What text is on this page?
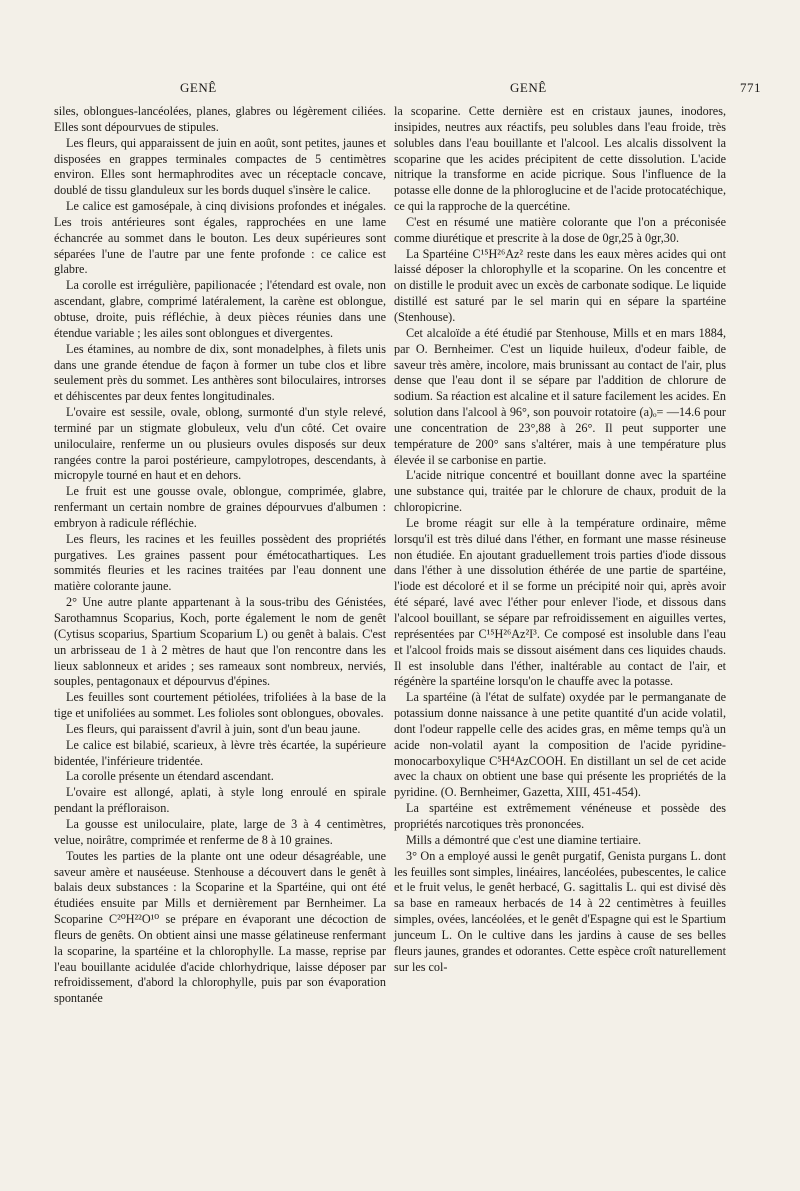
GENÊ	GENÊ	771

siles, oblongues-lancéolées, planes, glabres ou légèrement ciliées. Elles sont dépourvues de stipules.

Les fleurs, qui apparaissent de juin en août, sont petites, jaunes et disposées en grappes terminales compactes de 5 centimètres environ. Elles sont hermaphrodites avec un réceptacle concave, doublé de tissu glanduleux sur les bords duquel s'insère le calice.

Le calice est gamosépale, à cinq divisions profondes et inégales. Les trois antérieures sont égales, rapprochées en une lame échancrée au sommet dans le bouton. Les deux supérieures sont séparées l'une de l'autre par une fente profonde : ce calice est glabre.

La corolle est irrégulière, papilionacée ; l'étendard est ovale, non ascendant, glabre, comprimé latéralement, la carène est oblongue, obtuse, droite, puis réfléchie, à deux pièces réunies dans une étendue variable ; les ailes sont oblongues et divergentes.

Les étamines, au nombre de dix, sont monadelphes, à filets unis dans une grande étendue de façon à former un tube clos et libre seulement près du sommet. Les anthères sont biloculaires, introrses et déhiscentes par deux fentes longitudinales.

L'ovaire est sessile, ovale, oblong, surmonté d'un style relevé, terminé par un stigmate globuleux, velu d'un côté. Cet ovaire uniloculaire, renferme un ou plusieurs ovules disposés sur deux rangées contre la paroi postérieure, campylotropes, descendants, à micropyle tourné en haut et en dehors.

Le fruit est une gousse ovale, oblongue, comprimée, glabre, renfermant un certain nombre de graines dépourvues d'albumen : embryon à radicule réfléchie.

Les fleurs, les racines et les feuilles possèdent des propriétés purgatives. Les graines passent pour émétocathartiques. Les sommités fleuries et les racines traitées par l'eau donnent une matière colorante jaune.

2° Une autre plante appartenant à la sous-tribu des Génistées, Sarothamnus Scoparius, Koch, porte également le nom de genêt (Cytisus scoparius, Spartium Scoparium L) ou genêt à balais. C'est un arbrisseau de 1 à 2 mètres de haut que l'on rencontre dans les lieux sablonneux et arides ; ses rameaux sont nombreux, nerviés, souples, pentagonaux et dépourvus d'épines.

Les feuilles sont courtement pétiolées, trifoliées à la base de la tige et unifoliées au sommet. Les folioles sont oblongues, obovales.

Les fleurs, qui paraissent d'avril à juin, sont d'un beau jaune.

Le calice est bilabié, scarieux, à lèvre très écartée, la supérieure bidentée, l'inférieure tridentée.

La corolle présente un étendard ascendant.

L'ovaire est allongé, aplati, à style long enroulé en spirale pendant la préfloraison.

La gousse est uniloculaire, plate, large de 3 à 4 centimètres, velue, noirâtre, comprimée et renferme de 8 à 10 graines.

Toutes les parties de la plante ont une odeur désagréable, une saveur amère et nauséeuse. Stenhouse a découvert dans le genêt à balais deux substances : la Scoparine et la Spartéine, qui ont été étudiées ensuite par Mills et dernièrement par Bernheimer. La Scoparine C²⁰H²²O¹⁰ se prépare en évaporant une décoction de fleurs de genêts. On obtient ainsi une masse gélatineuse renfermant la scoparine, la spartéine et la chlorophylle. La masse, reprise par l'eau bouillante acidulée d'acide chlorhydrique, laisse déposer par refroidissement, d'abord la chlorophylle, puis par son évaporation spontanée

la scoparine. Cette dernière est en cristaux jaunes, inodores, insipides, neutres aux réactifs, peu solubles dans l'eau froide, très solubles dans l'eau bouillante et l'alcool. Les alcalis dissolvent la scoparine que les acides précipitent de cette dissolution. L'acide nitrique la transforme en acide picrique. Sous l'influence de la potasse elle donne de la phloroglucine et de l'acide protocatéchique, ce qui la rapproche de la quercétine.

C'est en résumé une matière colorante que l'on a préconisée comme diurétique et prescrite à la dose de 0gr,25 à 0gr,30.

La Spartéine C¹⁵H²⁶Az² reste dans les eaux mères acides qui ont laissé déposer la chlorophylle et la scoparine. On les concentre et on distille le produit avec un excès de carbonate sodique. Le liquide distillé est saturé par le sel marin qui en sépare la spartéine (Stenhouse).

Cet alcaloïde a été étudié par Stenhouse, Mills et en mars 1884, par O. Bernheimer. C'est un liquide huileux, d'odeur faible, de saveur très amère, incolore, mais brunissant au contact de l'air, plus dense que l'eau dont il se sépare par l'addition de chlorure de sodium. Sa réaction est alcaline et il sature facilement les acides. En solution dans l'alcool à 96°, son pouvoir rotatoire (a)ₒ= —14.6 pour une concentration de 23°,88 à 26°. Il peut supporter une température de 200° sans s'altérer, mais à une température plus élevée il se carbonise en partie.

L'acide nitrique concentré et bouillant donne avec la spartéine une substance qui, traitée par le chlorure de chaux, produit de la chloropicrine.

Le brome réagit sur elle à la température ordinaire, même lorsqu'il est très dilué dans l'éther, en formant une masse résineuse non étudiée. En ajoutant graduellement trois parties d'iode dissous dans l'éther à une dissolution éthérée de une partie de spartéine, l'iode est décoloré et il se forme un précipité noir qui, après avoir été séparé, lavé avec l'éther pour enlever l'iode, et dissous dans l'alcool bouillant, se sépare par refroidissement en aiguilles vertes, représentées par C¹⁵H²⁶Az²I³. Ce composé est insoluble dans l'eau et l'alcool froids mais se dissout aisément dans ces liquides chauds. Il est insoluble dans l'éther, inaltérable au contact de l'air, et régénère la spartéine lorsqu'on le chauffe avec la potasse.

La spartéine (à l'état de sulfate) oxydée par le permanganate de potassium donne naissance à une petite quantité d'un acide volatil, dont l'odeur rappelle celle des acides gras, en même temps qu'à un acide non-volatil ayant la composition de l'acide pyridine-monocarboxylique C⁵H⁴AzCOOH. En distillant un sel de cet acide avec la chaux on obtient une base qui présente les propriétés de la pyridine. (O. Bernheimer, Gazetta, XIII, 451-454).

La spartéine est extrêmement vénéneuse et possède des propriétés narcotiques très prononcées.

Mills a démontré que c'est une diamine tertiaire.

3° On a employé aussi le genêt purgatif, Genista purgans L. dont les feuilles sont simples, linéaires, lancéolées, pubescentes, le calice et le fruit velus, le genêt herbacé, G. sagittalis L. qui est divisé dès sa base en rameaux herbacés de 14 à 22 centimètres à feuilles simples, ovées, lancéolées, et le genêt d'Espagne qui est le Spartium junceum L. On le cultive dans les jardins à cause de ses belles fleurs jaunes, grandes et odorantes. Cette espèce croît naturellement sur les col-
